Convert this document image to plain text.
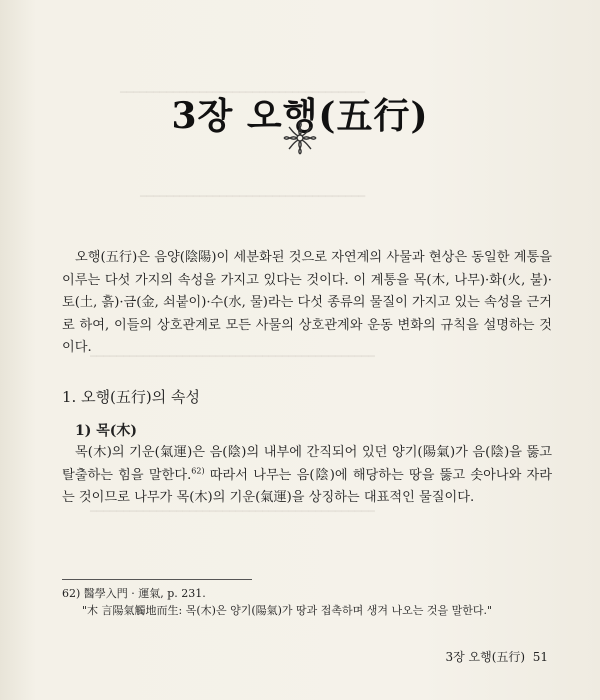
━━━━━━━━━━━━━━━━━━━━━━━━━━━━━━━━━━━━━
━━━━━━━━━━━━━━━━━━━━━━━━━━━━━━━━━━
━━━━━━━━━━━━━━━━━━━━━━━━━━━━━━━━━━━━━━━━━━━
━━━━━━━━━━━━━━━━━━━━━━━━━━━━━━━━━━━━━━━━━━━
3장 오행(五行)

오행(五行)은 음양(陰陽)이 세분화된 것으로 자연계의 사물과 현상은 동일한 계통을 이루는 다섯 가지의 속성을 가지고 있다는 것이다. 이 계통을 목(木, 나무)·화(火, 불)·토(土, 흙)·금(金, 쇠붙이)·수(水, 물)라는 다섯 종류의 물질이 가지고 있는 속성을 근거로 하여, 이들의 상호관계로 모든 사물의 상호관계와 운동 변화의 규칙을 설명하는 것이다.

1. 오행(五行)의 속성
1) 목(木)

목(木)의 기운(氣運)은 음(陰)의 내부에 간직되어 있던 양기(陽氣)가 음(陰)을 뚫고 탈출하는 힘을 말한다.$^{62)}$ 따라서 나무는 음(陰)에 해당하는 땅을 뚫고 솟아나와 자라는 것이므로 나무가 목(木)의 기운(氣運)을 상징하는 대표적인 물질이다.

62) 醫學入門 · 運氣, p. 231.
"木 言陽氣觸地而生: 목(木)은 양기(陽氣)가 땅과 접촉하며 생겨 나오는 것을 말한다."
3장 오행(五行) 51
